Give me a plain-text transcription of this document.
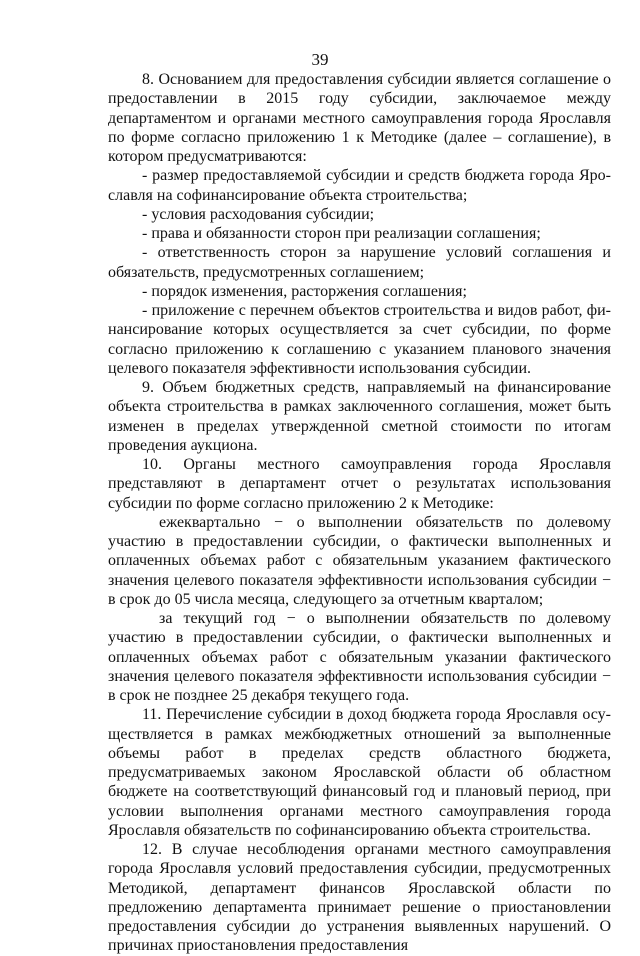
39

8. Основанием для предоставления субсидии является соглашение о предоставлении в 2015 году субсидии, заключаемое между департаментом и органами местного самоуправления города Ярославля по форме согласно приложению 1 к Методике (далее – соглашение), в котором предусматриваются:

- размер предоставляемой субсидии и средств бюджета города Ярославля на софинансирование объекта строительства;

- условия расходования субсидии;

- права и обязанности сторон при реализации соглашения;

- ответственность сторон за нарушение условий соглашения и обязательств, предусмотренных соглашением;

- порядок изменения, расторжения соглашения;

- приложение с перечнем объектов строительства и видов работ, финансирование которых осуществляется за счет субсидии, по форме согласно приложению к соглашению с указанием планового значения целевого показателя эффективности использования субсидии.

9. Объем бюджетных средств, направляемый на финансирование объекта строительства в рамках заключенного соглашения, может быть изменен в пределах утвержденной сметной стоимости по итогам проведения аукциона.

10. Органы местного самоуправления города Ярославля представляют в департамент отчет о результатах использования субсидии по форме согласно приложению 2 к Методике:

ежеквартально − о выполнении обязательств по долевому участию в предоставлении субсидии, о фактически выполненных и оплаченных объемах работ с обязательным указанием фактического значения целевого показателя эффективности использования субсидии − в срок до 05 числа месяца, следующего за отчетным кварталом;

за текущий год − о выполнении обязательств по долевому участию в предоставлении субсидии, о фактически выполненных и оплаченных объемах работ с обязательным указании фактического значения целевого показателя эффективности использования субсидии − в срок не позднее 25 декабря текущего года.

11. Перечисление субсидии в доход бюджета города Ярославля осуществляется в рамках межбюджетных отношений за выполненные объемы работ в пределах средств областного бюджета, предусматриваемых законом Ярославской области об областном бюджете на соответствующий финансовый год и плановый период, при условии выполнения органами местного самоуправления города Ярославля обязательств по софинансированию объекта строительства.

12. В случае несоблюдения органами местного самоуправления города Ярославля условий предоставления субсидии, предусмотренных Методикой, департамент финансов Ярославской области по предложению департамента принимает решение о приостановлении предоставления субсидии до устранения выявленных нарушений. О причинах приостановления предоставления
